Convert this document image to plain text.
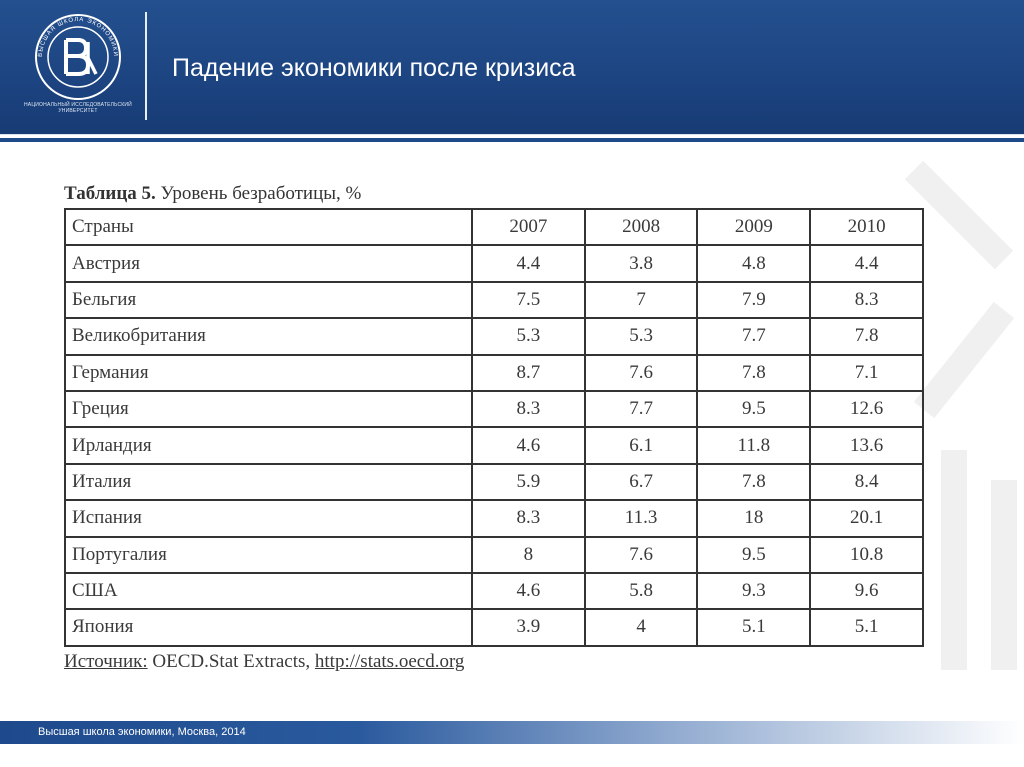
ВЫСШАЯ ШКОЛА ЭКОНОМИКИ
НАЦИОНАЛЬНЫЙ ИССЛЕДОВАТЕЛЬСКИЙ УНИВЕРСИТЕТ
Падение экономики после кризиса
Таблица 5. Уровень безработицы, %
Страны	2007	2008	2009	2010
Австрия	4.4	3.8	4.8	4.4
Бельгия	7.5	7	7.9	8.3
Великобритания	5.3	5.3	7.7	7.8
Германия	8.7	7.6	7.8	7.1
Греция	8.3	7.7	9.5	12.6
Ирландия	4.6	6.1	11.8	13.6
Италия	5.9	6.7	7.8	8.4
Испания	8.3	11.3	18	20.1
Португалия	8	7.6	9.5	10.8
США	4.6	5.8	9.3	9.6
Япония	3.9	4	5.1	5.1
Источник: OECD.Stat Extracts, http://stats.oecd.org
Высшая школа экономики, Москва, 2014
